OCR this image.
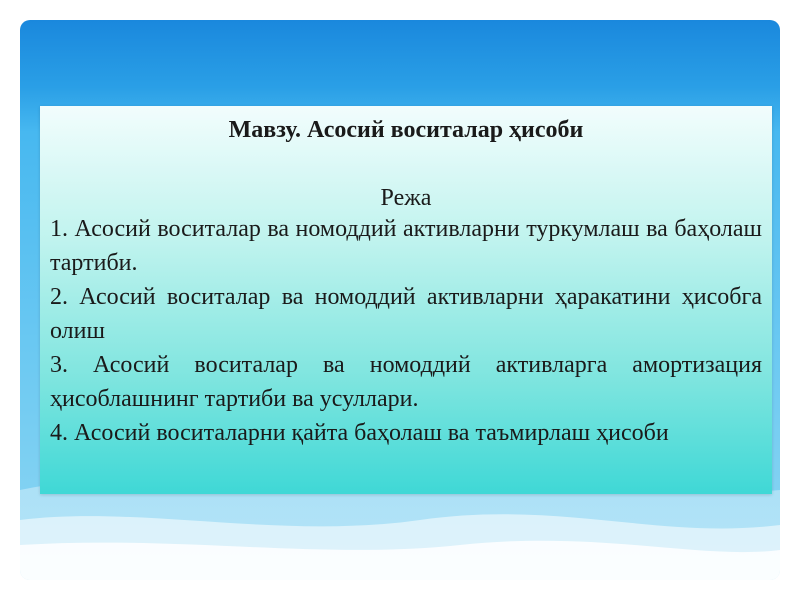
Мавзу. Асосий воситалар ҳисоби

Режа

1. Асосий воситалар ва номоддий активларни туркумлаш ва баҳолаш тартиби.

2. Асосий воситалар ва номоддий активларни ҳаракатини ҳисобга олиш

3. Асосий воситалар ва номоддий активларга амортизация ҳисоблашнинг тартиби ва усуллари.

4. Асосий воситаларни қайта баҳолаш ва таъмирлаш ҳисоби
